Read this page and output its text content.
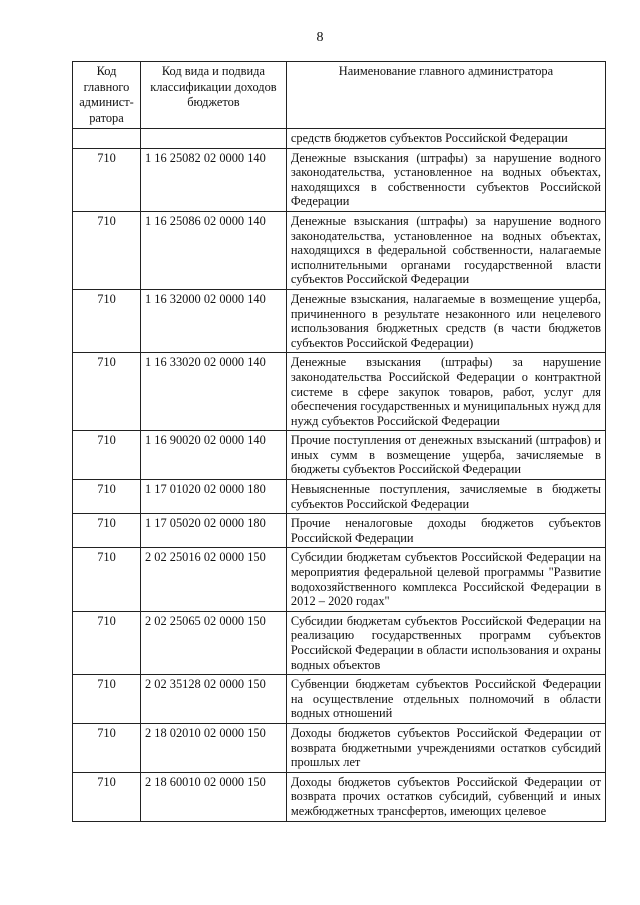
8
Код главного админист-ратора	Код вида и подвида классификации доходов бюджетов	Наименование главного администратора
		средств бюджетов субъектов Российской Федерации
710	1 16 25082 02 0000 140	Денежные взыскания (штрафы) за нарушение водного законодательства, установленное на водных объектах, находящихся в собственности субъектов Российской Федерации
710	1 16 25086 02 0000 140	Денежные взыскания (штрафы) за нарушение водного законодательства, установленное на водных объектах, находящихся в федеральной собственности, налагаемые исполнительными органами государственной власти субъектов Российской Федерации
710	1 16 32000 02 0000 140	Денежные взыскания, налагаемые в возмещение ущерба, причиненного в результате незаконного или нецелевого использования бюджетных средств (в части бюджетов субъектов Российской Федерации)
710	1 16 33020 02 0000 140	Денежные взыскания (штрафы) за нарушение законодательства Российской Федерации о контрактной системе в сфере закупок товаров, работ, услуг для обеспечения государственных и муниципальных нужд для нужд субъектов Российской Федерации
710	1 16 90020 02 0000 140	Прочие поступления от денежных взысканий (штрафов) и иных сумм в возмещение ущерба, зачисляемые в бюджеты субъектов Российской Федерации
710	1 17 01020 02 0000 180	Невыясненные поступления, зачисляемые в бюджеты субъектов Российской Федерации
710	1 17 05020 02 0000 180	Прочие неналоговые доходы бюджетов субъектов Российской Федерации
710	2 02 25016 02 0000 150	Субсидии бюджетам субъектов Российской Федерации на мероприятия федеральной целевой программы "Развитие водохозяйственного комплекса Российской Федерации в 2012 – 2020 годах"
710	2 02 25065 02 0000 150	Субсидии бюджетам субъектов Российской Федерации на реализацию государственных программ субъектов Российской Федерации в области использования и охраны водных объектов
710	2 02 35128 02 0000 150	Субвенции бюджетам субъектов Российской Федерации на осуществление отдельных полномочий в области водных отношений
710	2 18 02010 02 0000 150	Доходы бюджетов субъектов Российской Федерации от возврата бюджетными учреждениями остатков субсидий прошлых лет
710	2 18 60010 02 0000 150	Доходы бюджетов субъектов Российской Федерации от возврата прочих остатков субсидий, субвенций и иных межбюджетных трансфертов, имеющих целевое
